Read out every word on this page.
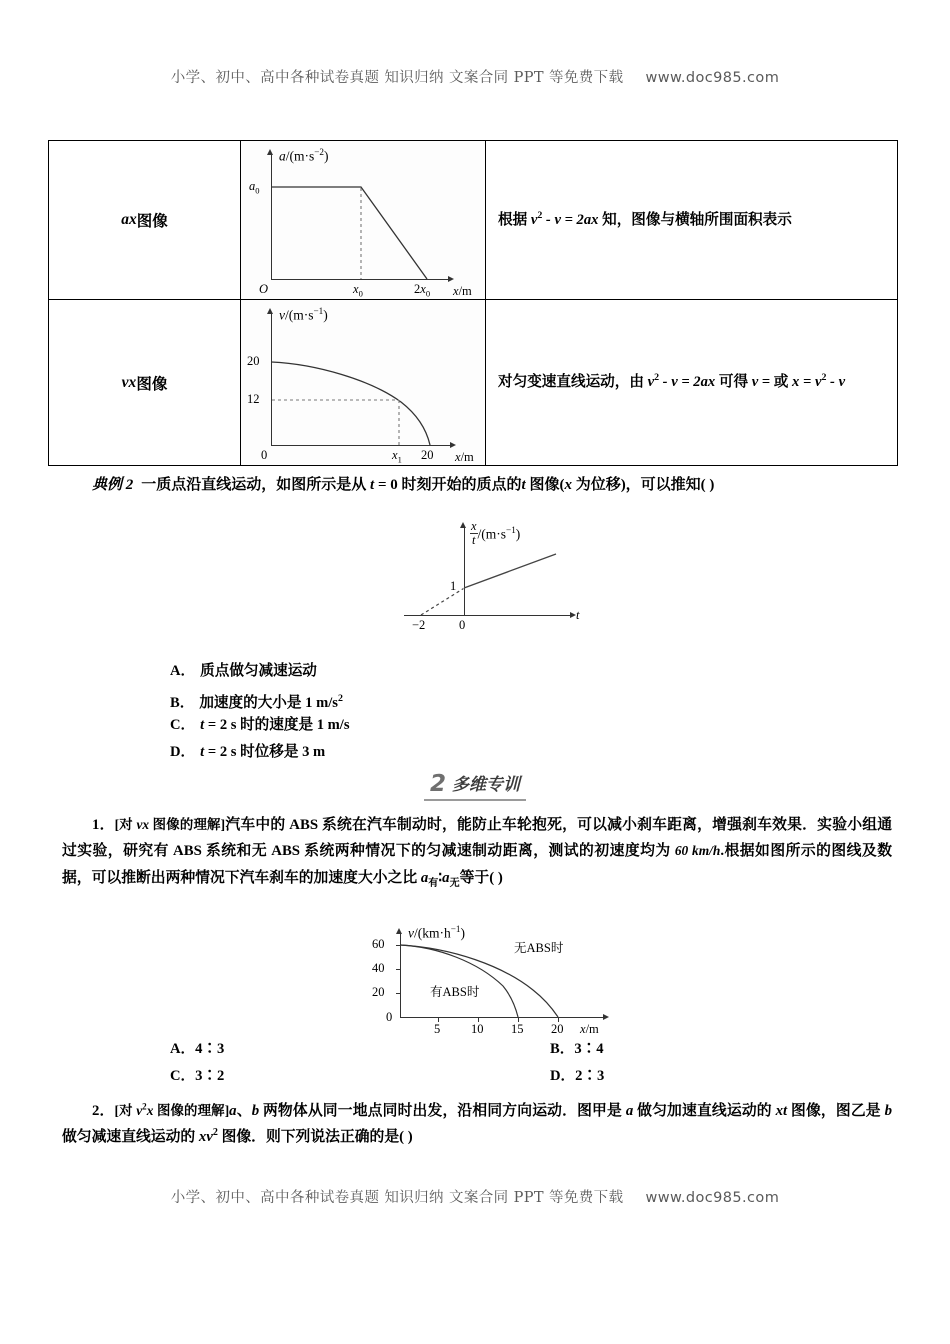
小学、初中、高中各种试卷真题 知识归纳 文案合同 PPT 等免费下载 www.doc985.com
ax 图像
$a/(m\cdot s^{-2})$
$a_0$
O	$x_0$	$2x_0$ x/m
根据 $v^2 - v = 2ax$ 知，图像与横轴所围面积表示
vx 图像
$v/(m\cdot s^{-1})$
20
12
0	$x_1$ 20 x/m
对匀变速直线运动，由 $v^2 - v = 2ax$ 可得 v = 或 $x = v^2 - v$
典例 2 一质点沿直线运动，如图所示是从 t = 0 时刻开始的质点的t 图像(x 为位移)，可以推知( )
$\frac{x}{t} /(m\cdot s^{-1})$
1
−2	0
t
A． 质点做匀减速运动
B． 加速度的大小是 1 $m/s^2$
C． t = 2 s 时的速度是 1 m/s
D． t = 2 s 时位移是 3 m
2 多维专训
1．[对 vx 图像的理解]汽车中的 ABS 系统在汽车制动时，能防止车轮抱死，可以减小刹车距离，增强刹车效果．实验小组通过实验，研究有 ABS 系统和无 ABS 系统两种情况下的匀减速制动距离，测试的初速度均为 60 km/h.根据如图所示的图线及数据，可以推断出两种情况下汽车刹车的加速度大小之比 $a_有∶a_无$等于( )
$v/(km\cdot h^{-1})$
60
40
20
0
5 10 15 20 x/m
无ABS时
有ABS时
A．4∶3	B．3∶4
C．3∶2	D．2∶3
2．[对 $v^2x$ 图像的理解]a、b 两物体从同一地点同时出发，沿相同方向运动．图甲是 a 做匀加速直线运动的 xt 图像，图乙是 b 做匀减速直线运动的 $xv^2$ 图像．则下列说法正确的是( )
小学、初中、高中各种试卷真题 知识归纳 文案合同 PPT 等免费下载 www.doc985.com
